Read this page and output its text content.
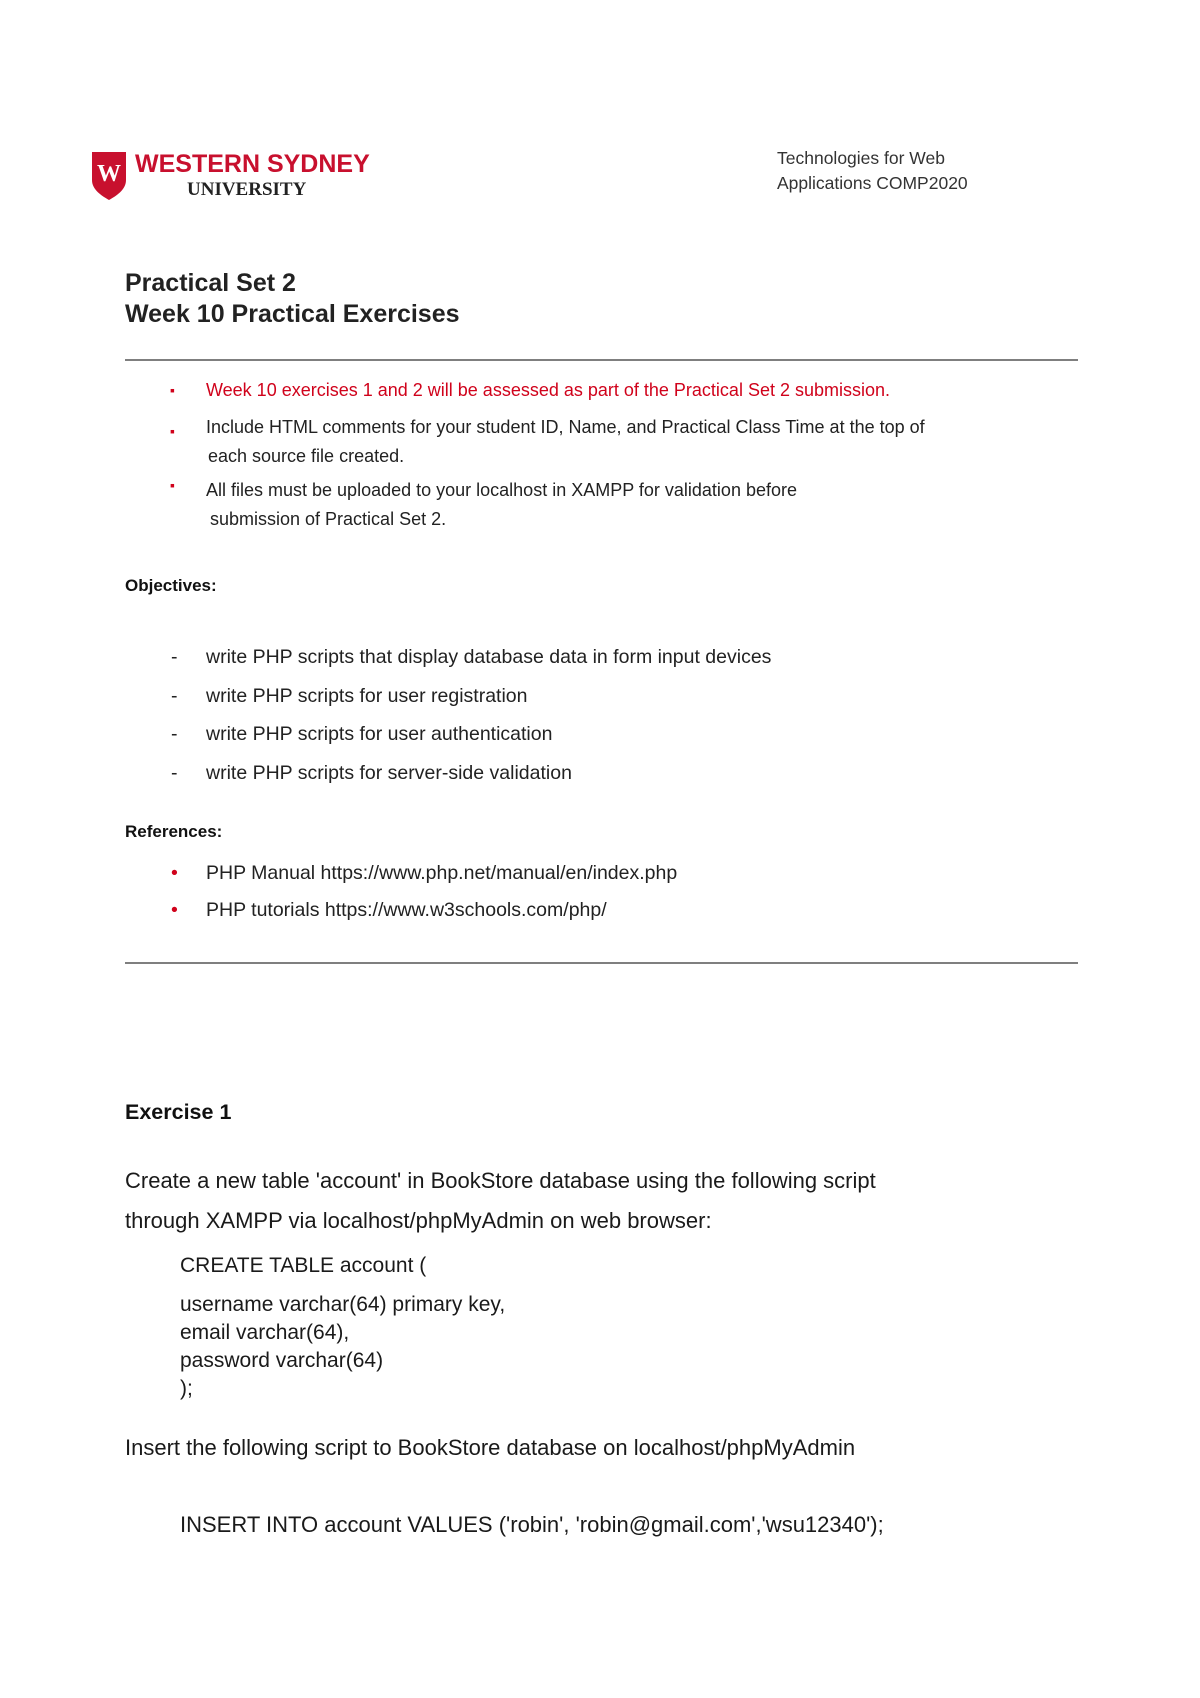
W WESTERN SYDNEY
UNIVERSITY
Technologies for Web
Applications COMP2020
Practical Set 2
Week 10 Practical Exercises
▪ Week 10 exercises 1 and 2 will be assessed as part of the Practical Set 2 submission.
▪ Include HTML comments for your student ID, Name, and Practical Class Time at the top of
each source file created.
▪ All files must be uploaded to your localhost in XAMPP for validation before
submission of Practical Set 2.
Objectives:
- write PHP scripts that display database data in form input devices
- write PHP scripts for user registration
- write PHP scripts for user authentication
- write PHP scripts for server-side validation
References:
• PHP Manual https://www.php.net/manual/en/index.php
• PHP tutorials https://www.w3schools.com/php/
Exercise 1
Create a new table 'account' in BookStore database using the following script
through XAMPP via localhost/phpMyAdmin on web browser:
CREATE TABLE account (
username varchar(64) primary key,
email varchar(64),
password varchar(64)
);
Insert the following script to BookStore database on localhost/phpMyAdmin
INSERT INTO account VALUES ('robin', 'robin@gmail.com','wsu12340');
